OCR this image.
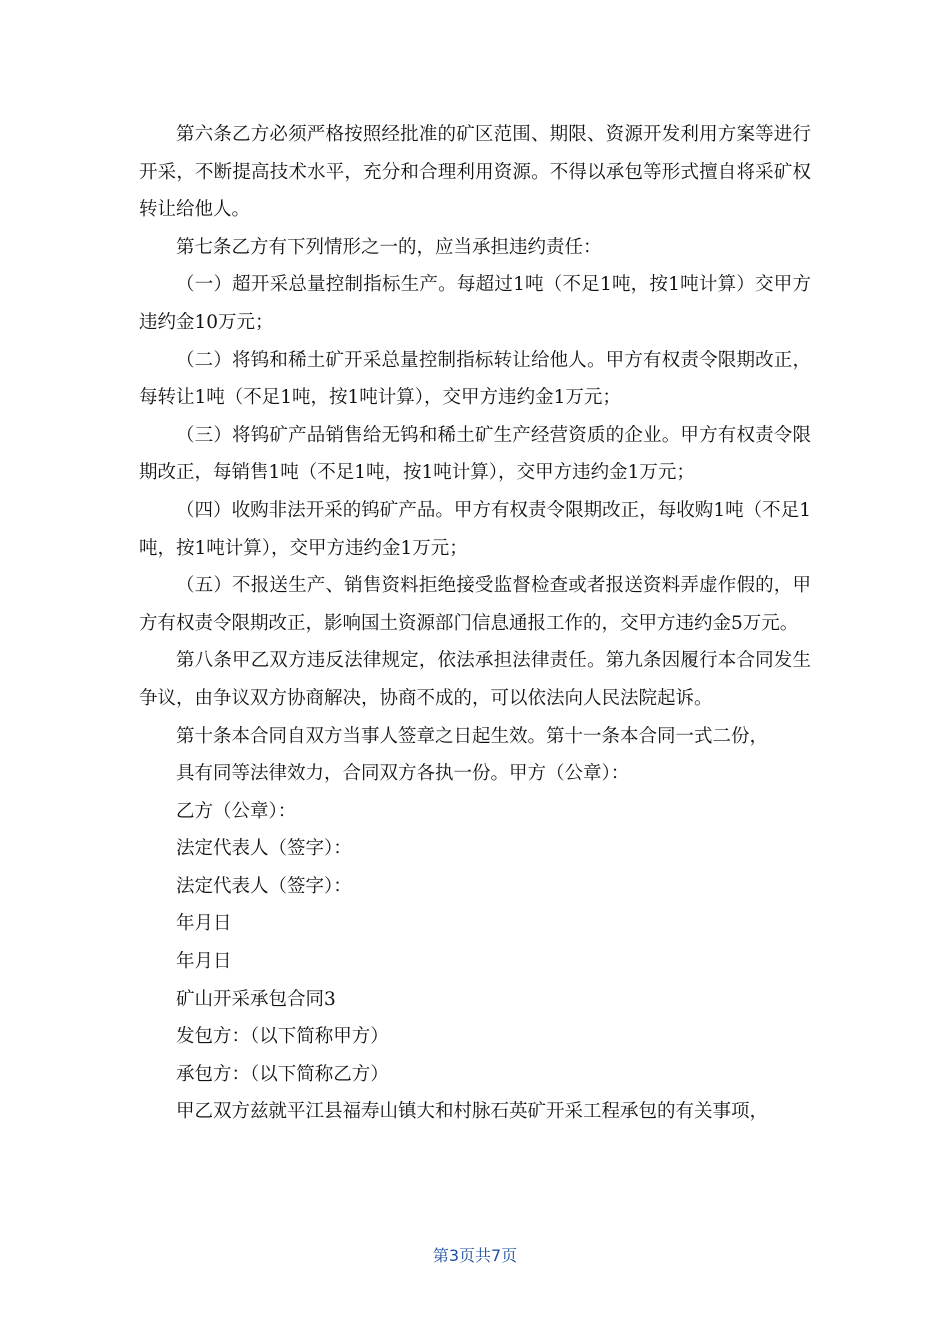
第六条乙方必须严格按照经批准的矿区范围、期限、资源开发利用方案等进行开采，不断提高技术水平，充分和合理利用资源。不得以承包等形式擅自将采矿权转让给他人。

第七条乙方有下列情形之一的，应当承担违约责任：

（一）超开采总量控制指标生产。每超过1吨（不足1吨，按1吨计算）交甲方违约金10万元；

（二）将钨和稀土矿开采总量控制指标转让给他人。甲方有权责令限期改正，每转让1吨（不足1吨，按1吨计算），交甲方违约金1万元；

（三）将钨矿产品销售给无钨和稀土矿生产经营资质的企业。甲方有权责令限期改正，每销售1吨（不足1吨，按1吨计算），交甲方违约金1万元；

（四）收购非法开采的钨矿产品。甲方有权责令限期改正，每收购1吨（不足1吨，按1吨计算），交甲方违约金1万元；

（五）不报送生产、销售资料拒绝接受监督检查或者报送资料弄虚作假的，甲方有权责令限期改正，影响国土资源部门信息通报工作的，交甲方违约金5万元。

第八条甲乙双方违反法律规定，依法承担法律责任。第九条因履行本合同发生争议，由争议双方协商解决，协商不成的，可以依法向人民法院起诉。

第十条本合同自双方当事人签章之日起生效。第十一条本合同一式二份，

具有同等法律效力，合同双方各执一份。甲方（公章）：

乙方（公章）：

法定代表人（签字）：

法定代表人（签字）：

年月日

年月日

矿山开采承包合同3

发包方：（以下简称甲方）

承包方：（以下简称乙方）

甲乙双方兹就平江县福寿山镇大和村脉石英矿开采工程承包的有关事项，

第3页共7页
